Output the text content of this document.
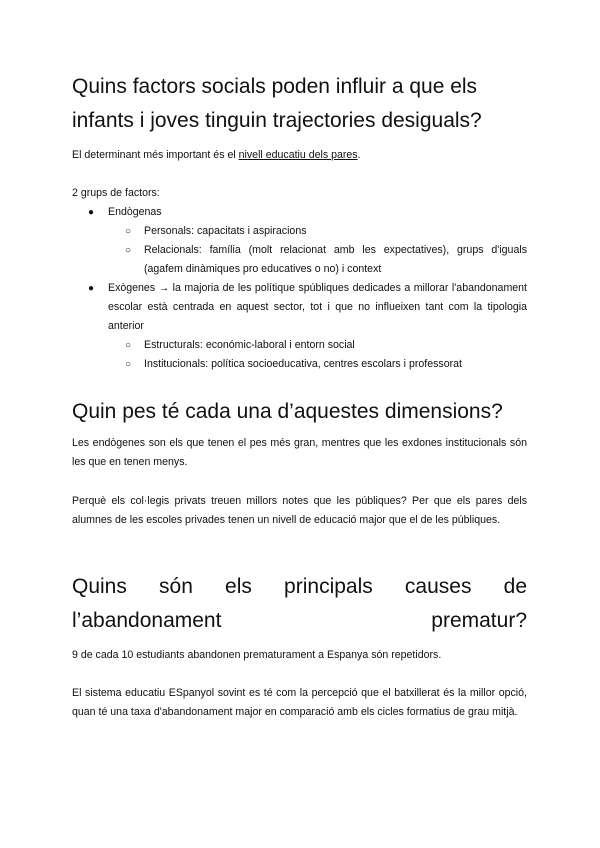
Quins factors socials poden influir a que els infants i joves tinguin trajectories desiguals?

El determinant més important és el nivell educatiu dels pares.

2 grups de factors:

● Endògenas
○ Personals: capacitats i aspiracions
○ Relacionals: família (molt relacionat amb les expectatives), grups d'iguals (agafem dinàmiques pro educatives o no) i context
● Exògenes → la majoria de les polítique spúbliques dedicades a millorar l'abandonament escolar està centrada en aquest sector, tot i que no influeixen tant com la tipologia anterior
○ Estructurals: económic-laboral i entorn social
○ Institucionals: política socioeducativa, centres escolars i professorat
Quin pes té cada una d’aquestes dimensions?

Les endògenes son els que tenen el pes més gran, mentres que les exdones institucionals són les que en tenen menys.

Perquè els col·legis privats treuen millors notes que les públiques? Per que els pares dels alumnes de les escoles privades tenen un nivell de educació major que el de les públiques.

Quins són els principals causes de l’abandonament prematur?

9 de cada 10 estudiants abandonen prematurament a Espanya són repetidors.

El sistema educatiu ESpanyol sovint es té com la percepció que el batxillerat és la millor opció, quan té una taxa d'abandonament major en comparació amb els cicles formatius de grau mitjà.
